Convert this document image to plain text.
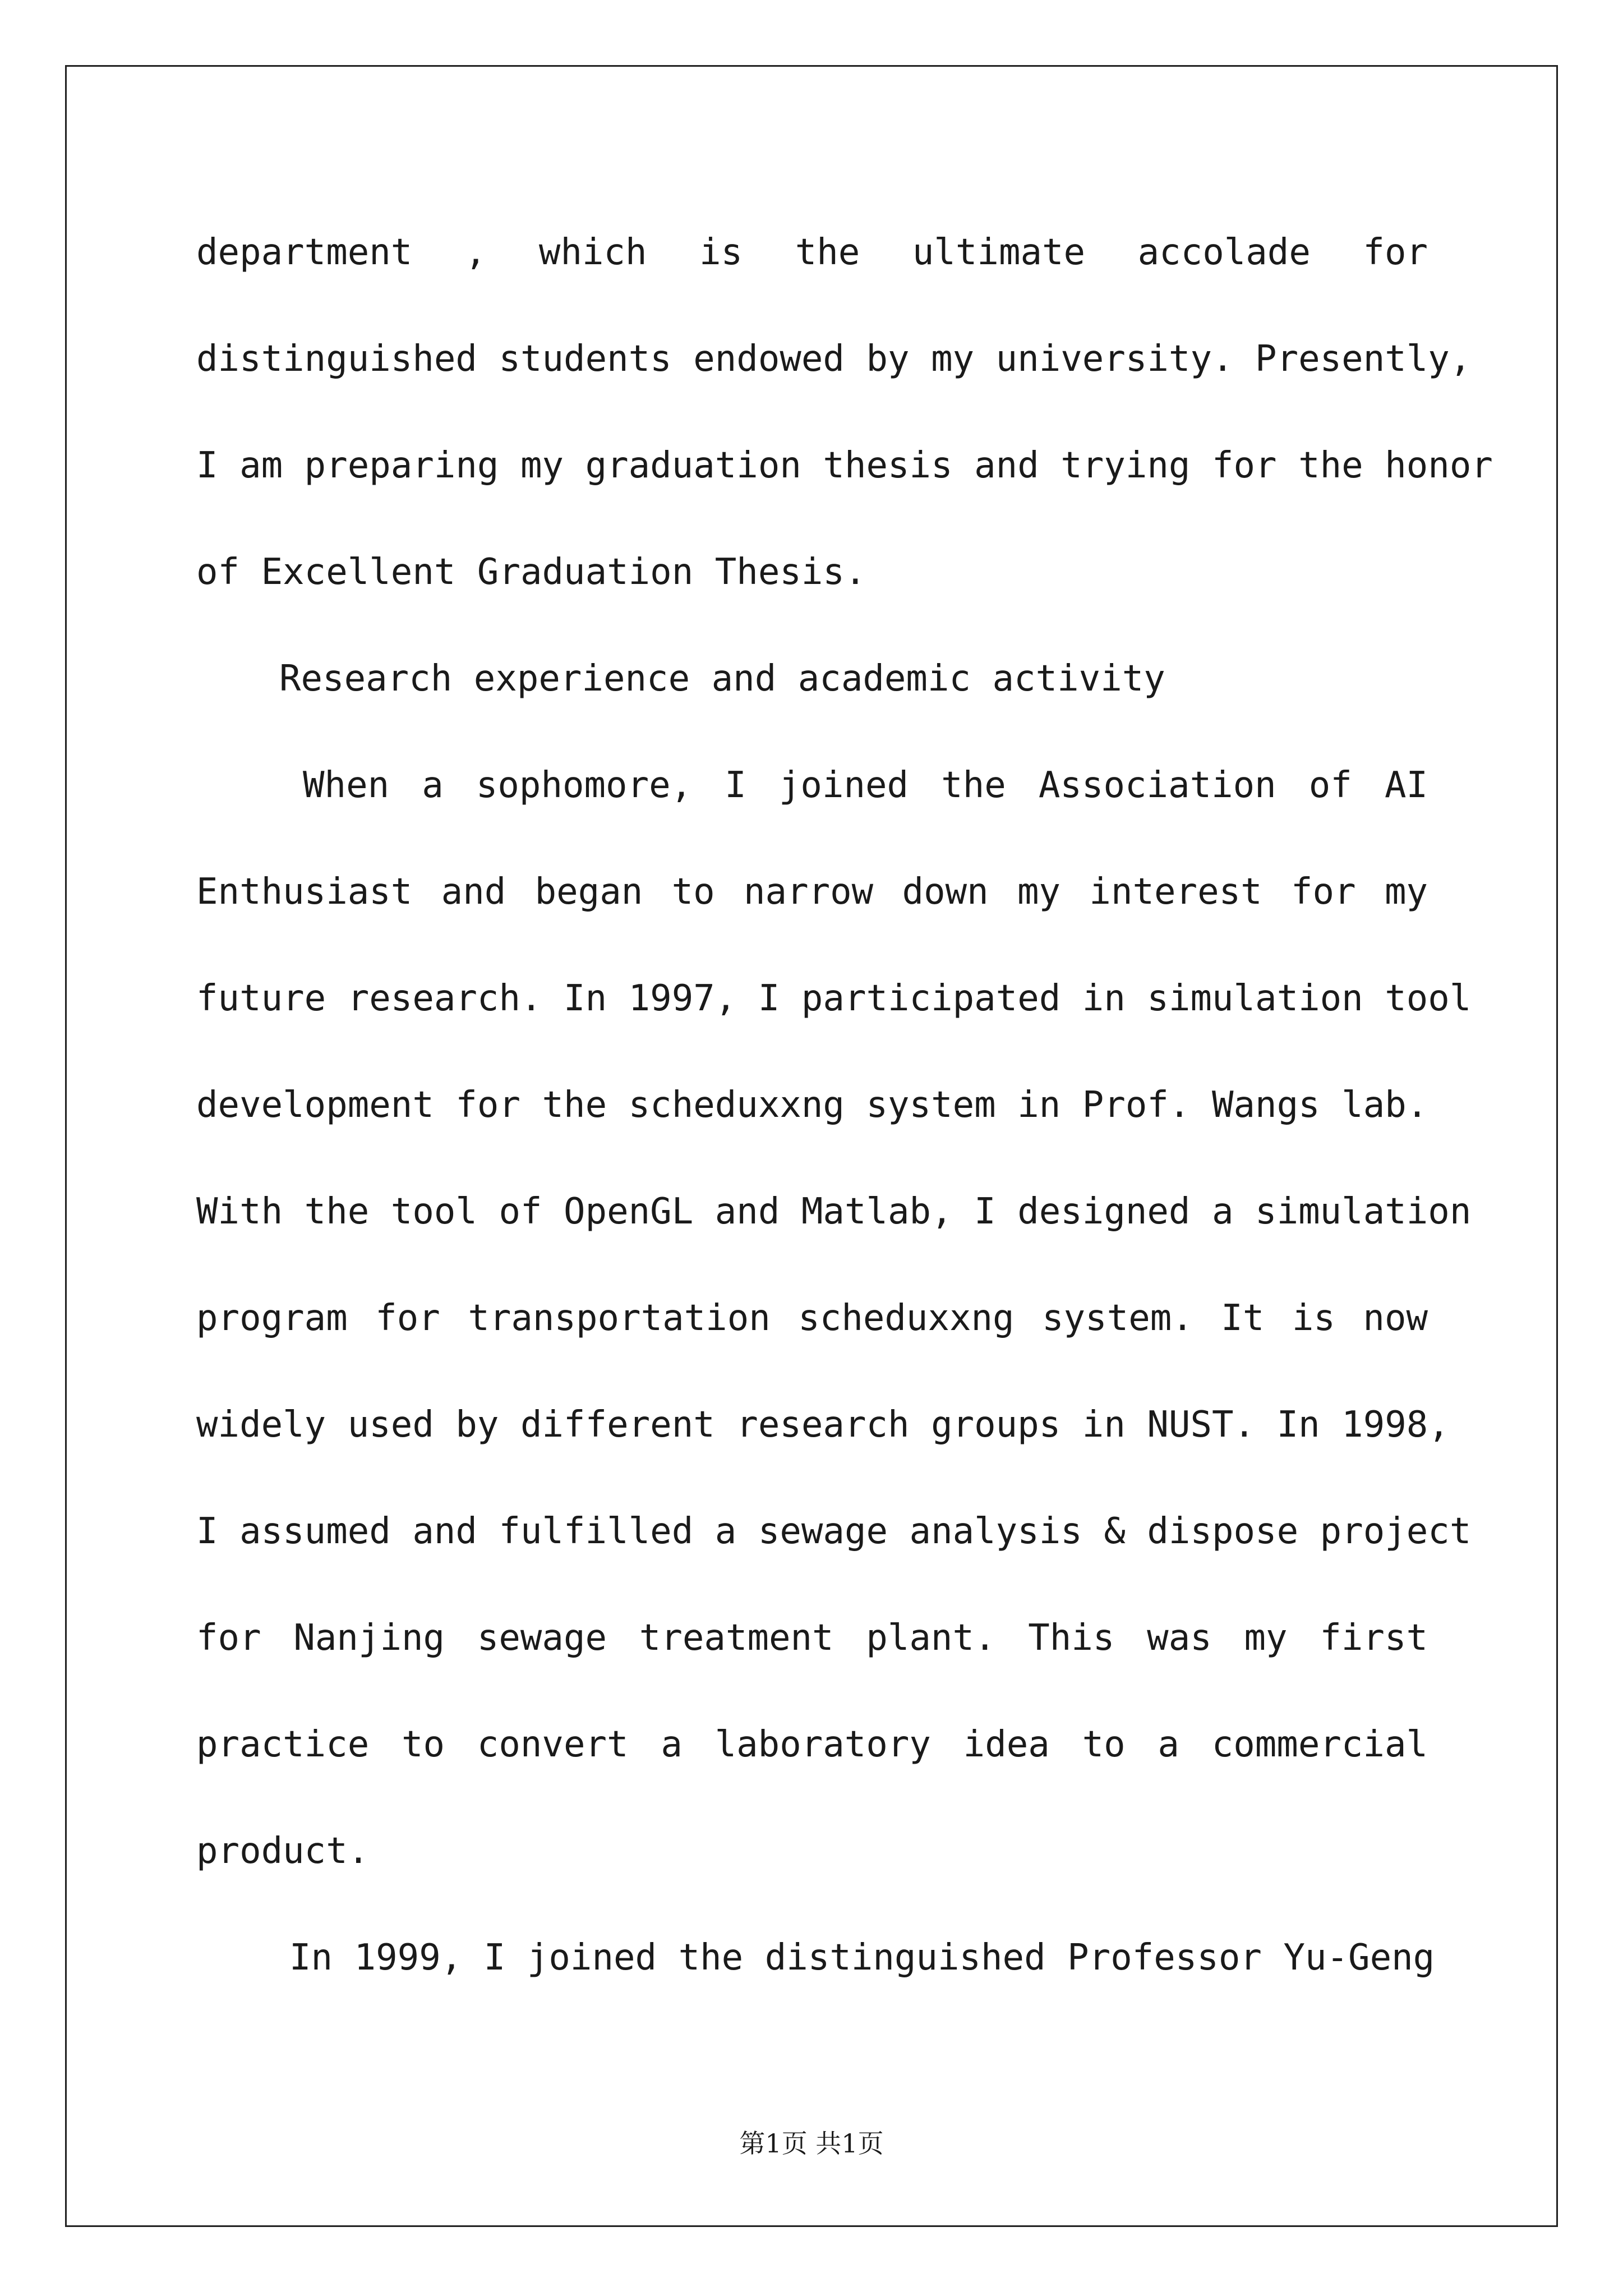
department , which is the ultimate accolade for
distinguished students endowed by my university. Presently,
I am preparing my graduation thesis and trying for the honor
of Excellent Graduation Thesis.
Research experience and academic activity
When a sophomore, I joined the Association of AI
Enthusiast and began to narrow down my interest for my
future research. In 1997, I participated in simulation tool
development for the scheduxxng system in Prof. Wangs lab.
With the tool of OpenGL and Matlab, I designed a simulation
program for transportation scheduxxng system. It is now
widely used by different research groups in NUST. In 1998,
I assumed and fulfilled a sewage analysis & dispose project
for Nanjing sewage treatment plant. This was my first
practice to convert a laboratory idea to a commercial
product.
In 1999, I joined the distinguished Professor Yu-Geng
第1页 共1页
